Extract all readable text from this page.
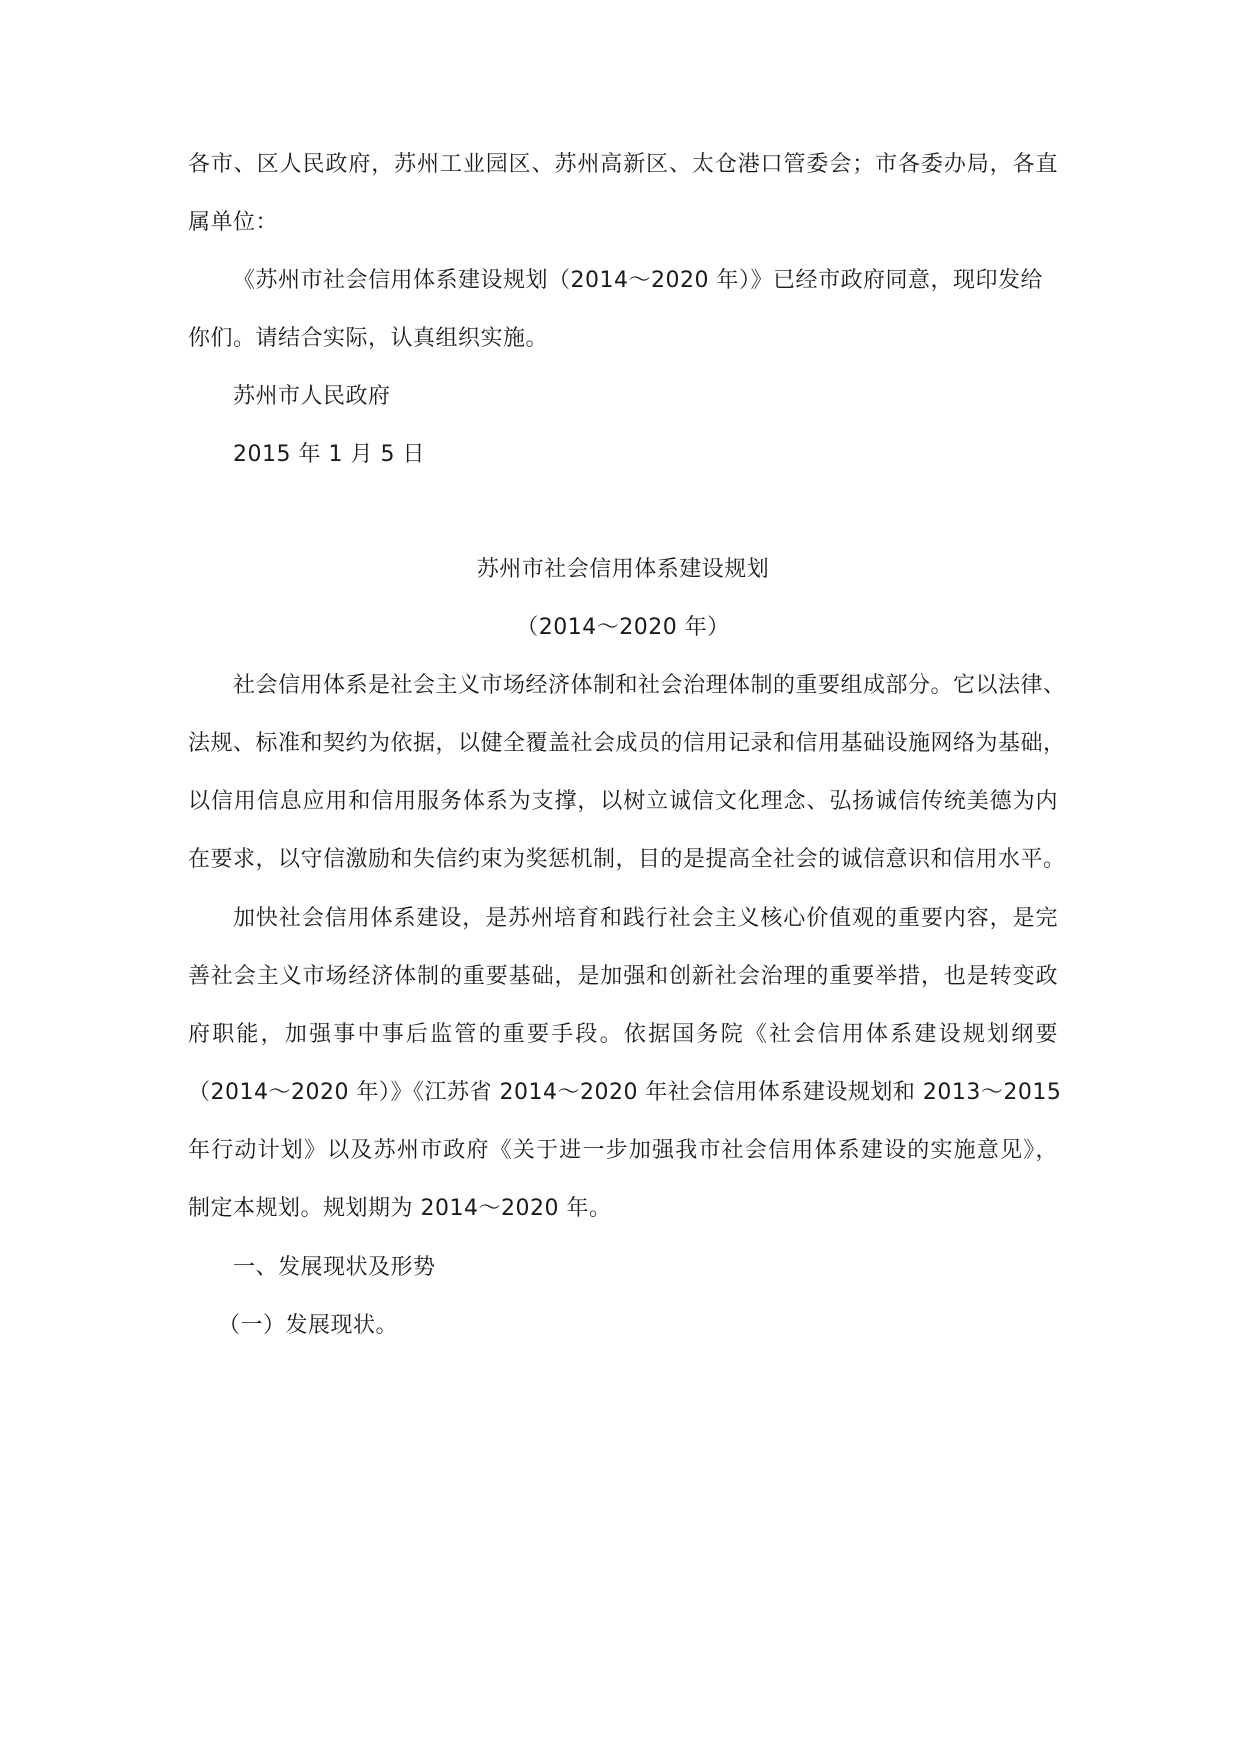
各市、区人民政府，苏州工业园区、苏州高新区、太仓港口管委会；市各委办局，各直
属单位：
《苏州市社会信用体系建设规划（2014～2020 年）》已经市政府同意，现印发给
你们。请结合实际，认真组织实施。
苏州市人民政府
2015 年 1 月 5 日
苏州市社会信用体系建设规划
（2014～2020 年）
社会信用体系是社会主义市场经济体制和社会治理体制的重要组成部分。它以法律、
法规、标准和契约为依据，以健全覆盖社会成员的信用记录和信用基础设施网络为基础，
以信用信息应用和信用服务体系为支撑，以树立诚信文化理念、弘扬诚信传统美德为内
在要求，以守信激励和失信约束为奖惩机制，目的是提高全社会的诚信意识和信用水平。
加快社会信用体系建设，是苏州培育和践行社会主义核心价值观的重要内容，是完
善社会主义市场经济体制的重要基础，是加强和创新社会治理的重要举措，也是转变政
府职能，加强事中事后监管的重要手段。依据国务院《社会信用体系建设规划纲要
（2014～2020 年）》《江苏省 2014～2020 年社会信用体系建设规划和 2013～2015
年行动计划》以及苏州市政府《关于进一步加强我市社会信用体系建设的实施意见》，
制定本规划。规划期为 2014～2020 年。
一、发展现状及形势
（一）发展现状。
